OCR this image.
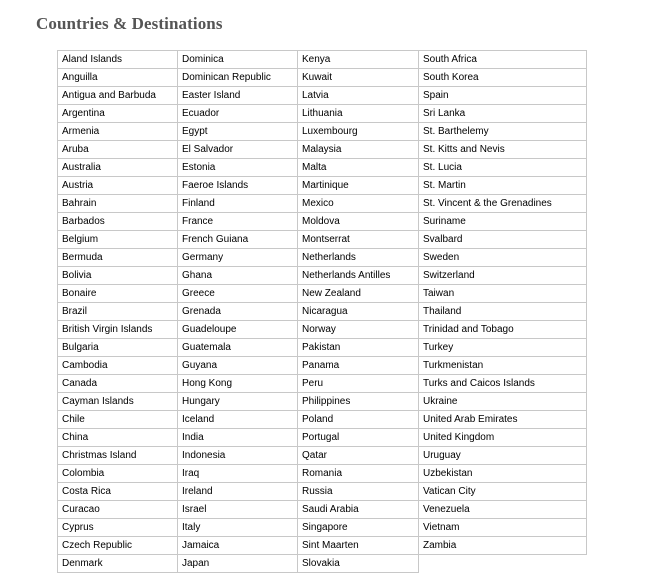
Countries & Destinations
Aland Islands	Dominica	Kenya	South Africa
Anguilla	Dominican Republic	Kuwait	South Korea
Antigua and Barbuda	Easter Island	Latvia	Spain
Argentina	Ecuador	Lithuania	Sri Lanka
Armenia	Egypt	Luxembourg	St. Barthelemy
Aruba	El Salvador	Malaysia	St. Kitts and Nevis
Australia	Estonia	Malta	St. Lucia
Austria	Faeroe Islands	Martinique	St. Martin
Bahrain	Finland	Mexico	St. Vincent & the Grenadines
Barbados	France	Moldova	Suriname
Belgium	French Guiana	Montserrat	Svalbard
Bermuda	Germany	Netherlands	Sweden
Bolivia	Ghana	Netherlands Antilles	Switzerland
Bonaire	Greece	New Zealand	Taiwan
Brazil	Grenada	Nicaragua	Thailand
British Virgin Islands	Guadeloupe	Norway	Trinidad and Tobago
Bulgaria	Guatemala	Pakistan	Turkey
Cambodia	Guyana	Panama	Turkmenistan
Canada	Hong Kong	Peru	Turks and Caicos Islands
Cayman Islands	Hungary	Philippines	Ukraine
Chile	Iceland	Poland	United Arab Emirates
China	India	Portugal	United Kingdom
Christmas Island	Indonesia	Qatar	Uruguay
Colombia	Iraq	Romania	Uzbekistan
Costa Rica	Ireland	Russia	Vatican City
Curacao	Israel	Saudi Arabia	Venezuela
Cyprus	Italy	Singapore	Vietnam
Czech Republic	Jamaica	Sint Maarten	Zambia
Denmark	Japan	Slovakia	
